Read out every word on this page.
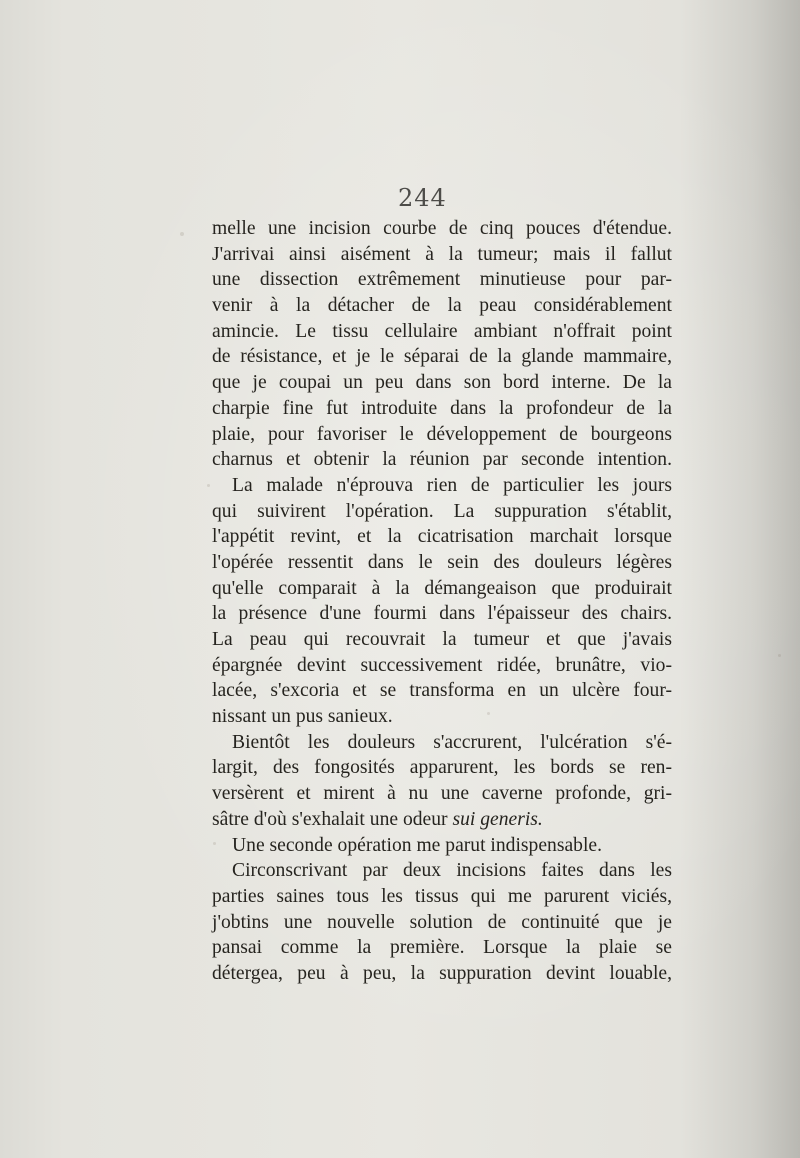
244
melle une incision courbe de cinq pouces d'étendue.
J'arrivai ainsi aisément à la tumeur; mais il fallut
une dissection extrêmement minutieuse pour par-
venir à la détacher de la peau considérablement
amincie. Le tissu cellulaire ambiant n'offrait point
de résistance, et je le séparai de la glande mammaire,
que je coupai un peu dans son bord interne. De la
charpie fine fut introduite dans la profondeur de la
plaie, pour favoriser le développement de bourgeons
charnus et obtenir la réunion par seconde intention.
La malade n'éprouva rien de particulier les jours
qui suivirent l'opération. La suppuration s'établit,
l'appétit revint, et la cicatrisation marchait lorsque
l'opérée ressentit dans le sein des douleurs légères
qu'elle comparait à la démangeaison que produirait
la présence d'une fourmi dans l'épaisseur des chairs.
La peau qui recouvrait la tumeur et que j'avais
épargnée devint successivement ridée, brunâtre, vio-
lacée, s'excoria et se transforma en un ulcère four-
nissant un pus sanieux.
Bientôt les douleurs s'accrurent, l'ulcération s'é-
largit, des fongosités apparurent, les bords se ren-
versèrent et mirent à nu une caverne profonde, gri-
sâtre d'où s'exhalait une odeur sui generis.
Une seconde opération me parut indispensable.
Circonscrivant par deux incisions faites dans les
parties saines tous les tissus qui me parurent viciés,
j'obtins une nouvelle solution de continuité que je
pansai comme la première. Lorsque la plaie se
détergea, peu à peu, la suppuration devint louable,
